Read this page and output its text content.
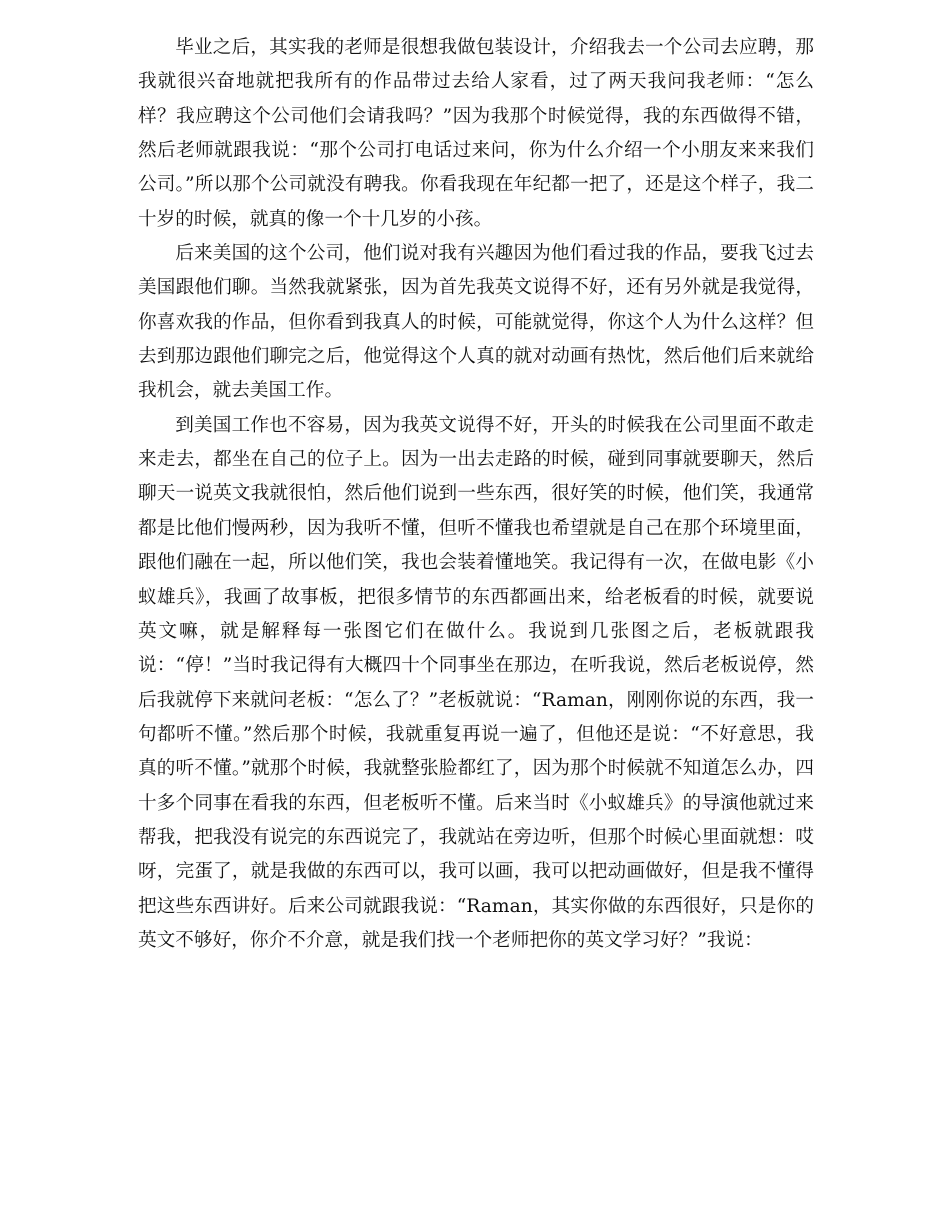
毕业之后，其实我的老师是很想我做包装设计，介绍我去一个公司去应聘，那我就很兴奋地就把我所有的作品带过去给人家看，过了两天我问我老师：“怎么样？我应聘这个公司他们会请我吗？”因为我那个时候觉得，我的东西做得不错，然后老师就跟我说：“那个公司打电话过来问，你为什么介绍一个小朋友来来我们公司。”所以那个公司就没有聘我。你看我现在年纪都一把了，还是这个样子，我二十岁的时候，就真的像一个十几岁的小孩。

后来美国的这个公司，他们说对我有兴趣因为他们看过我的作品，要我飞过去美国跟他们聊。当然我就紧张，因为首先我英文说得不好，还有另外就是我觉得，你喜欢我的作品，但你看到我真人的时候，可能就觉得，你这个人为什么这样？但去到那边跟他们聊完之后，他觉得这个人真的就对动画有热忱，然后他们后来就给我机会，就去美国工作。

到美国工作也不容易，因为我英文说得不好，开头的时候我在公司里面不敢走来走去，都坐在自己的位子上。因为一出去走路的时候，碰到同事就要聊天，然后聊天一说英文我就很怕，然后他们说到一些东西，很好笑的时候，他们笑，我通常都是比他们慢两秒，因为我听不懂，但听不懂我也希望就是自己在那个环境里面，跟他们融在一起，所以他们笑，我也会装着懂地笑。我记得有一次，在做电影《小蚁雄兵》，我画了故事板，把很多情节的东西都画出来，给老板看的时候，就要说英文嘛，就是解释每一张图它们在做什么。我说到几张图之后，老板就跟我说：“停！”当时我记得有大概四十个同事坐在那边，在听我说，然后老板说停，然后我就停下来就问老板：“怎么了？”老板就说：“Raman，刚刚你说的东西，我一句都听不懂。”然后那个时候，我就重复再说一遍了，但他还是说：“不好意思，我真的听不懂。”就那个时候，我就整张脸都红了，因为那个时候就不知道怎么办，四十多个同事在看我的东西，但老板听不懂。后来当时《小蚁雄兵》的导演他就过来帮我，把我没有说完的东西说完了，我就站在旁边听，但那个时候心里面就想：哎呀，完蛋了，就是我做的东西可以，我可以画，我可以把动画做好，但是我不懂得把这些东西讲好。后来公司就跟我说：“Raman，其实你做的东西很好，只是你的英文不够好，你介不介意，就是我们找一个老师把你的英文学习好？”我说：
